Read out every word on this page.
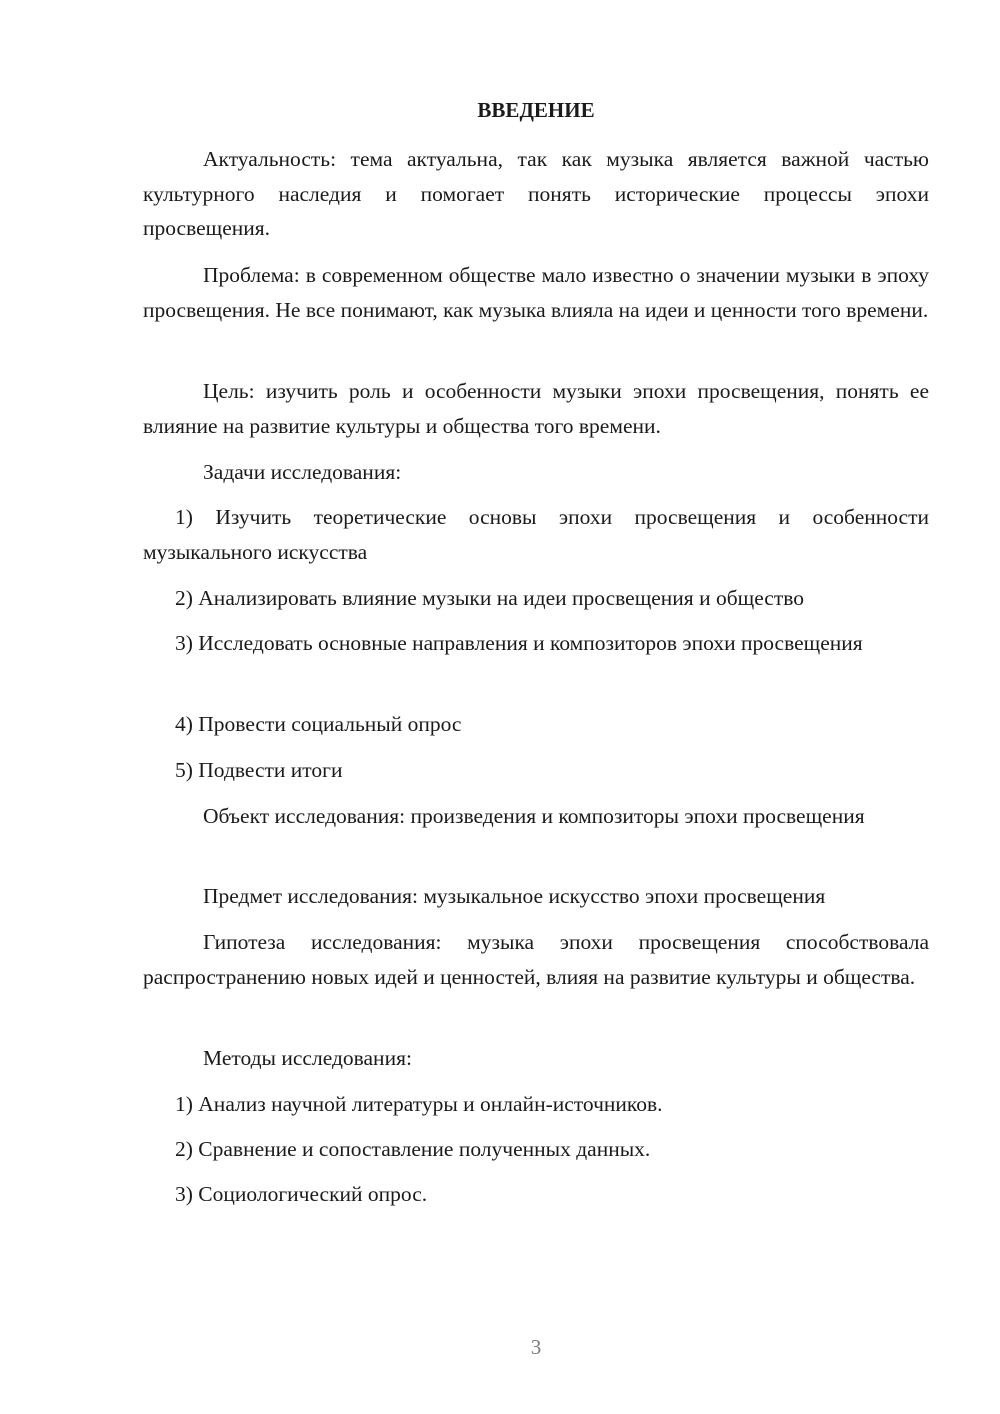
ВВЕДЕНИЕ

Актуальность: тема актуальна, так как музыка является важной частью культурного наследия и помогает понять исторические процессы эпохи просвещения.

Проблема: в современном обществе мало известно о значении музыки в эпоху просвещения. Не все понимают, как музыка влияла на идеи и ценности того времени.

Цель: изучить роль и особенности музыки эпохи просвещения, понять ее влияние на развитие культуры и общества того времени.

Задачи исследования:

1) Изучить теоретические основы эпохи просвещения и особенности музыкального искусства

2) Анализировать влияние музыки на идеи просвещения и общество

3) Исследовать основные направления и композиторов эпохи просвещения

4) Провести социальный опрос

5) Подвести итоги

Объект исследования: произведения и композиторы эпохи просвещения

Предмет исследования: музыкальное искусство эпохи просвещения

Гипотеза исследования: музыка эпохи просвещения способствовала распространению новых идей и ценностей, влияя на развитие культуры и общества.

Методы исследования:

1) Анализ научной литературы и онлайн-источников.

2) Сравнение и сопоставление полученных данных.

3) Социологический опрос.

3
